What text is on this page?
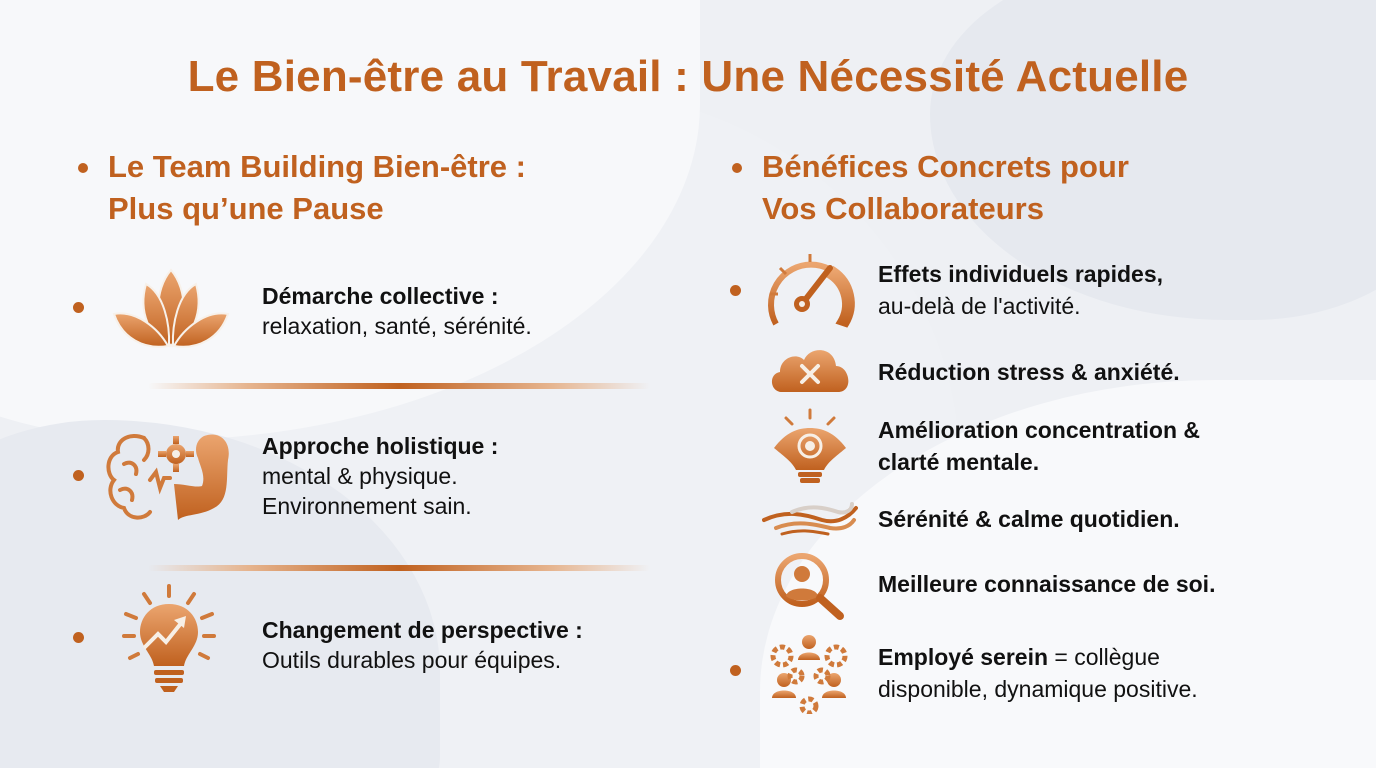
Le Bien-être au Travail : Une Nécessité Actuelle
Le Team Building Bien-être :
Plus qu’une Pause
Démarche collective :
relaxation, santé, sérénité.
Approche holistique :
mental & physique.
Environnement sain.
Changement de perspective :
Outils durables pour équipes.
Bénéfices Concrets pour
Vos Collaborateurs
Effets individuels rapides,
au-delà de l'activité.
Réduction stress & anxiété.
Amélioration concentration &
clarté mentale.
Sérénité & calme quotidien.
Meilleure connaissance de soi.
Employé serein = collègue
disponible, dynamique positive.
